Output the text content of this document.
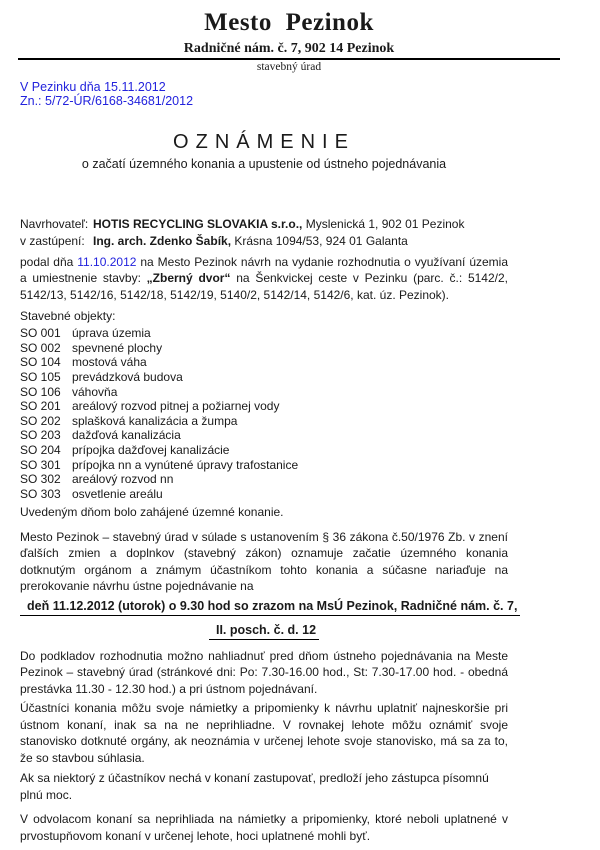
Mesto Pezinok
Radničné nám. č. 7, 902 14 Pezinok
stavebný úrad
V Pezinku dňa 15.11.2012
Zn.: 5/72-ÚR/6168-34681/2012
OZNÁMENIE
o začatí územného konania a upustenie od ústneho pojednávania
Navrhovateľ: HOTIS RECYCLING SLOVAKIA s.r.o., Myslenická 1, 902 01 Pezinok
v zastúpení: Ing. arch. Zdenko Šabík, Krásna 1094/53, 924 01 Galanta

podal dňa 11.10.2012 na Mesto Pezinok návrh na vydanie rozhodnutia o využívaní územia a umiestnenie stavby: „Zberný dvor“ na Šenkvickej ceste v Pezinku (parc. č.: 5142/2, 5142/13, 5142/16, 5142/18, 5142/19, 5140/2, 5142/14, 5142/6, kat. úz. Pezinok).

Stavebné objekty:
SO 001 úprava územia
SO 002 spevnené plochy
SO 104 mostová váha
SO 105 prevádzková budova
SO 106 váhovňa
SO 201 areálový rozvod pitnej a požiarnej vody
SO 202 splašková kanalizácia a žumpa
SO 203 dažďová kanalizácia
SO 204 prípojka dažďovej kanalizácie
SO 301 prípojka nn a vynútené úpravy trafostanice
SO 302 areálový rozvod nn
SO 303 osvetlenie areálu

Uvedeným dňom bolo zahájené územné konanie.

Mesto Pezinok – stavebný úrad v súlade s ustanovením § 36 zákona č.50/1976 Zb. v znení ďalších zmien a doplnkov (stavebný zákon) oznamuje začatie územného konania dotknutým orgánom a známym účastníkom tohto konania a súčasne nariaďuje na prerokovanie návrhu ústne pojednávanie na

deň 11.12.2012 (utorok) o 9.30 hod so zrazom na MsÚ Pezinok, Radničné nám. č. 7,
II. posch. č. d. 12

Do podkladov rozhodnutia možno nahliadnuť pred dňom ústneho pojednávania na Meste Pezinok – stavebný úrad (stránkové dni: Po: 7.30-16.00 hod., St: 7.30-17.00 hod. - obedná prestávka 11.30 - 12.30 hod.) a pri ústnom pojednávaní.

Účastníci konania môžu svoje námietky a pripomienky k návrhu uplatniť najneskoršie pri ústnom konaní, inak sa na ne neprihliadne. V rovnakej lehote môžu oznámiť svoje stanovisko dotknuté orgány, ak neoznámia v určenej lehote svoje stanovisko, má sa za to, že so stavbou súhlasia.

Ak sa niektorý z účastníkov nechá v konaní zastupovať, predloží jeho zástupca písomnú plnú moc.

V odvolacom konaní sa neprihliada na námietky a pripomienky, ktoré neboli uplatnené v prvostupňovom konaní v určenej lehote, hoci uplatnené mohli byť.
